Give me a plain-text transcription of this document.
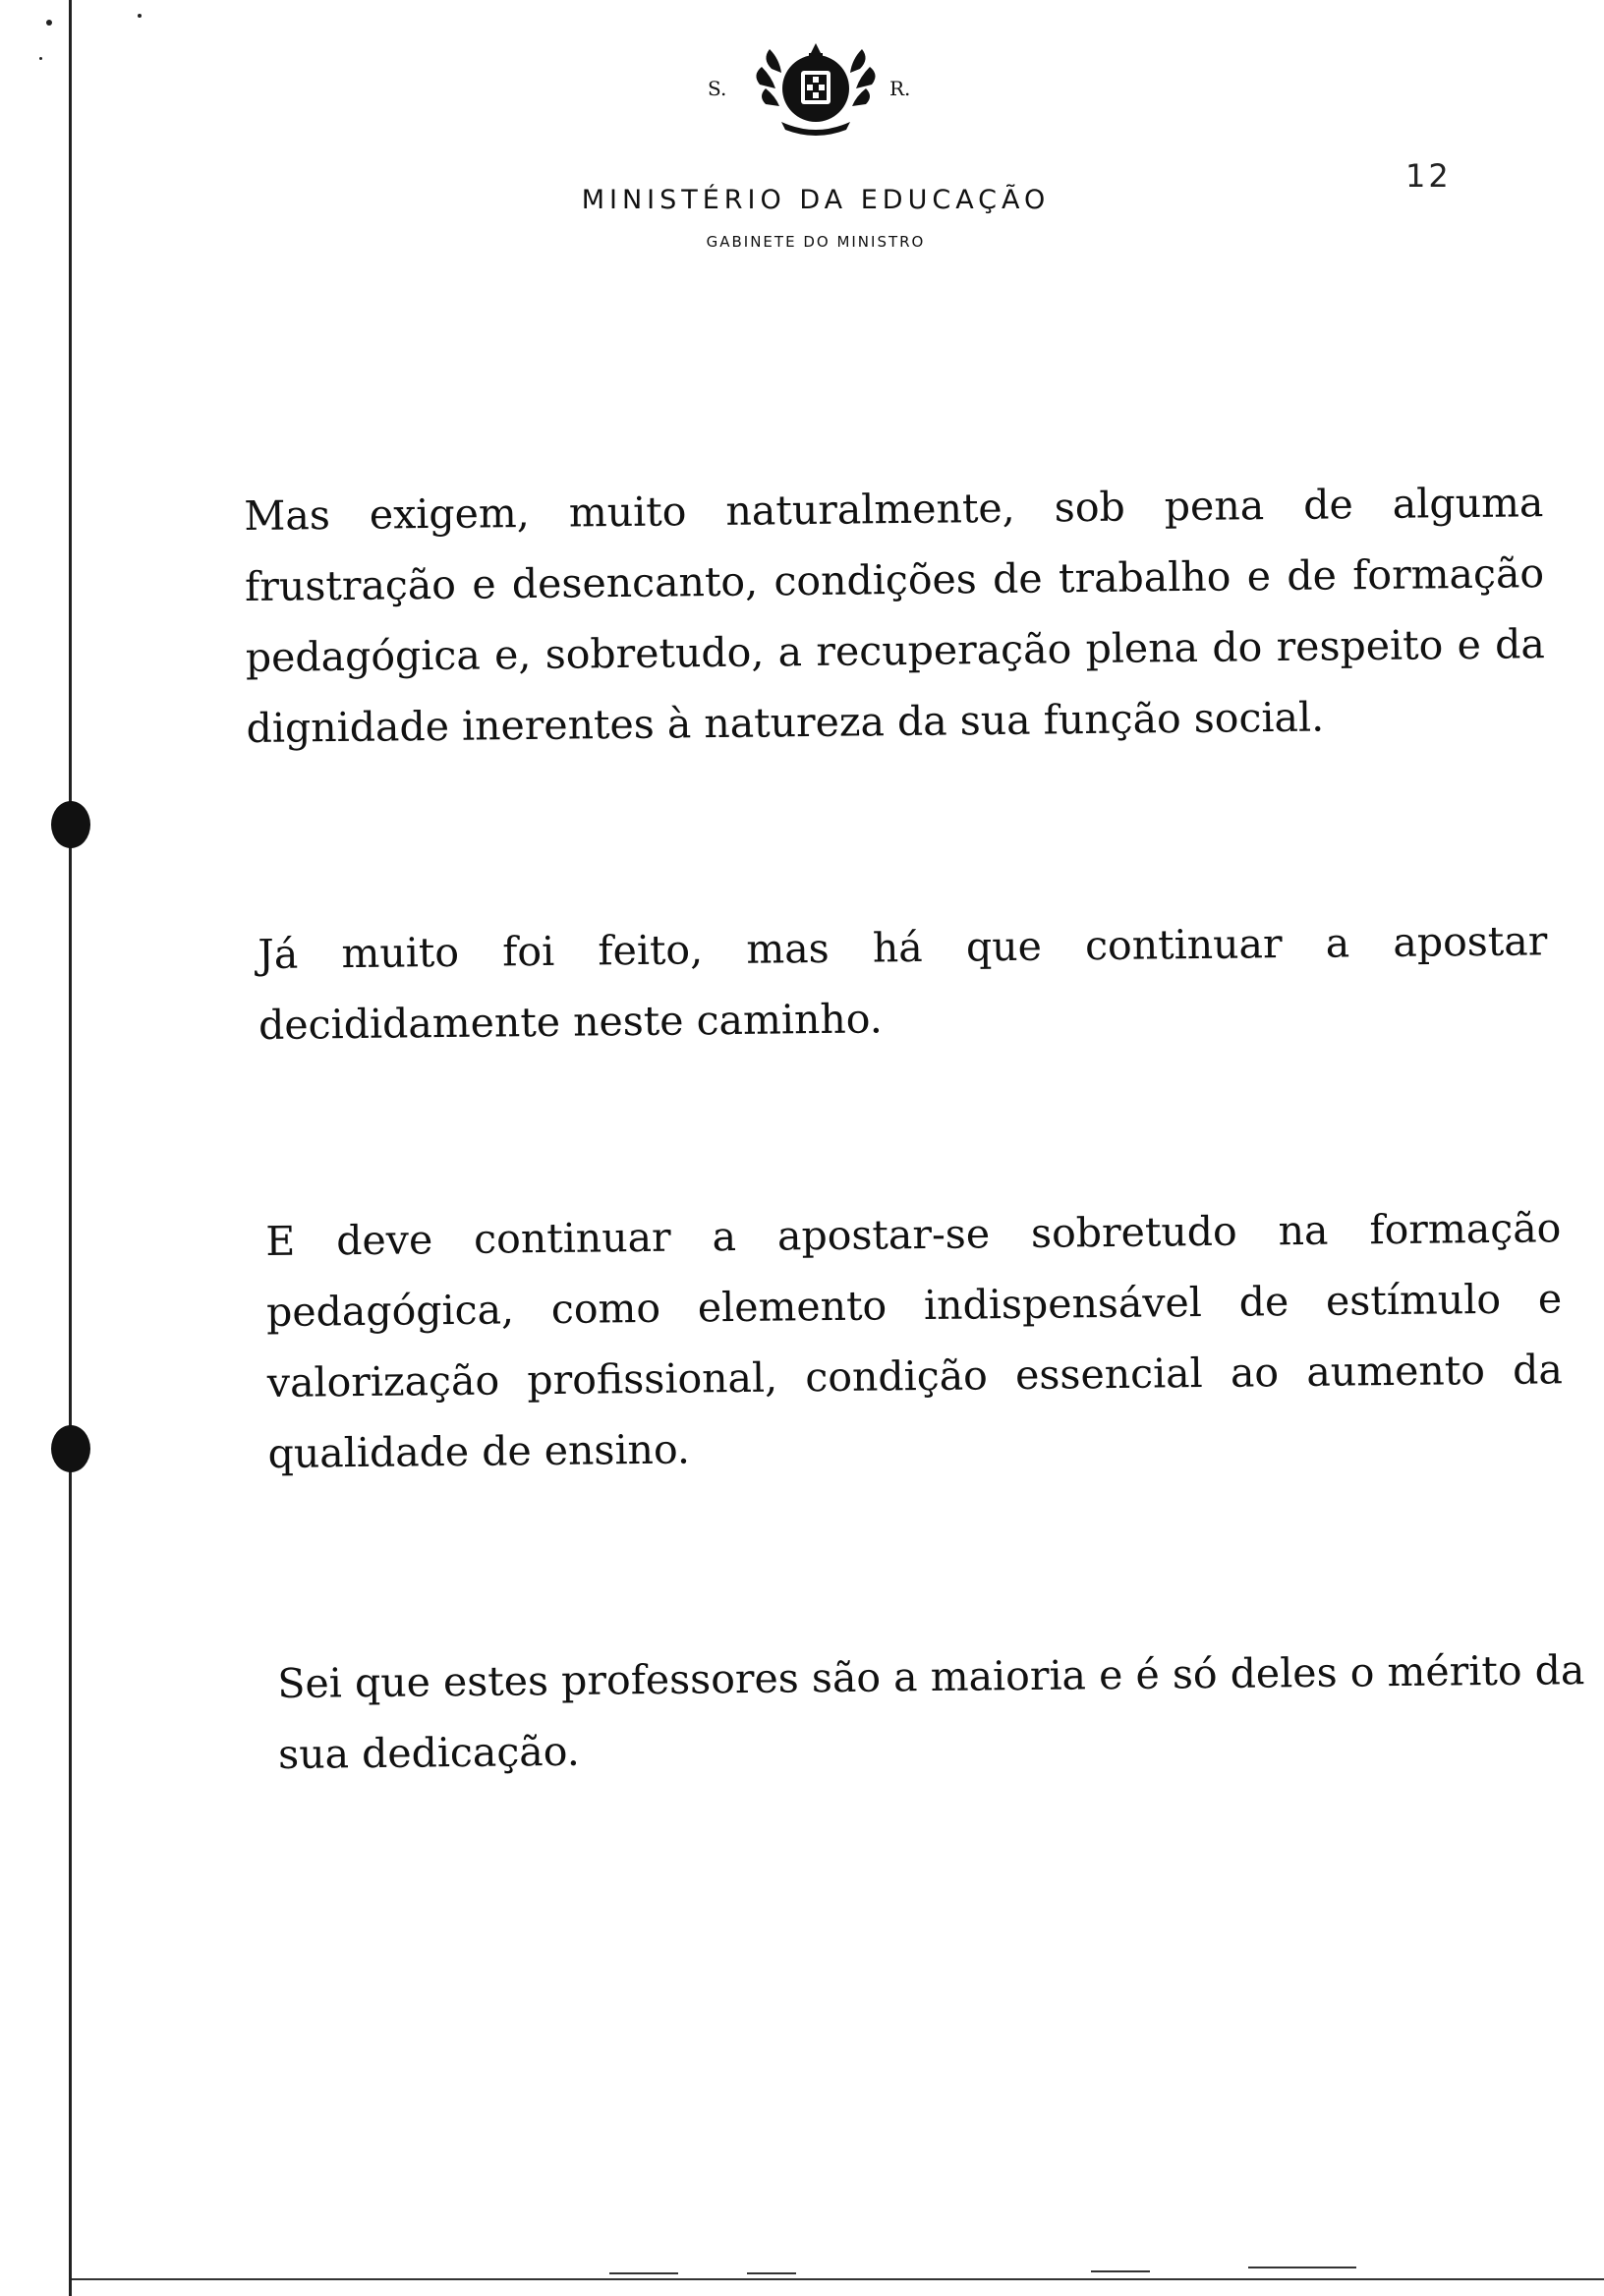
S.	R.
MINISTÉRIO DA EDUCAÇÃO
GABINETE DO MINISTRO
12

Mas exigem, muito naturalmente, sob pena de alguma frustração e desencanto, condições de trabalho e de formação pedagógica e, sobretudo, a recuperação plena do respeito e da dignidade inerentes à natureza da sua função social.

Já muito foi feito, mas há que continuar a apostar decididamente neste caminho.

E deve continuar a apostar-se sobretudo na formação pedagógica, como elemento indispensável de estímulo e valorização profissional, condição essencial ao aumento da qualidade de ensino.

Sei que estes professores são a maioria e é só deles o mérito da sua dedicação.
